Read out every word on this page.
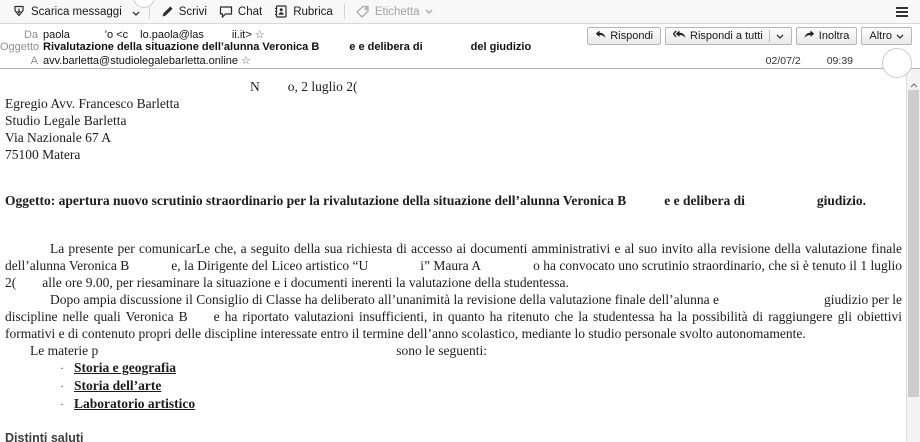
Scarica messaggi	Scrivi	Chat	Rubrica	Etichetta
Da paola	'o <c lo.paola@las	ii.it> ☆
Oggetto Rivalutazione della situazione dell’alunna Veronica B	e e delibera di	del giudizio
A avv.barletta@studiolegalebarletta.online ☆
Rispondi	Rispondi a tutti	Inoltra Altro
02/07/2 09:39
N o, 2 luglio 2(
Egregio Avv. Francesco Barletta
Studio Legale Barletta
Via Nazionale 67 A
75100 Matera
Oggetto: apertura nuovo scrutinio straordinario per la rivalutazione della situazione dell’alunna Veronica B	e e delibera di	giudizio.

La presente per comunicarLe che, a seguito della sua richiesta di accesso ai documenti amministrativi e al suo invito alla revisione della valutazione finale dell’alunna Veronica B	e, la Dirigente del Liceo artistico “U	i” Maura A	o ha convocato uno scrutinio straordinario, che si è tenuto il 1 luglio 2( alle ore 9.00, per riesaminare la situazione e i documenti inerenti la valutazione della studentessa.

Dopo ampia discussione il Consiglio di Classe ha deliberato all’unanimità la revisione della valutazione finale dell’alunna e	giudizio per le discipline nelle quali Veronica B e ha riportato valutazioni insufficienti, in quanto ha ritenuto che la studentessa ha la possibilità di raggiungere gli obiettivi formativi e di contenuto propri delle discipline interessate entro il termine dell’anno scolastico, mediante lo studio personale svolto autonomamente.

Le materie p	sono le seguenti:
· Storia e geografia
· Storia dell’arte
· Laboratorio artistico
Distinti saluti
